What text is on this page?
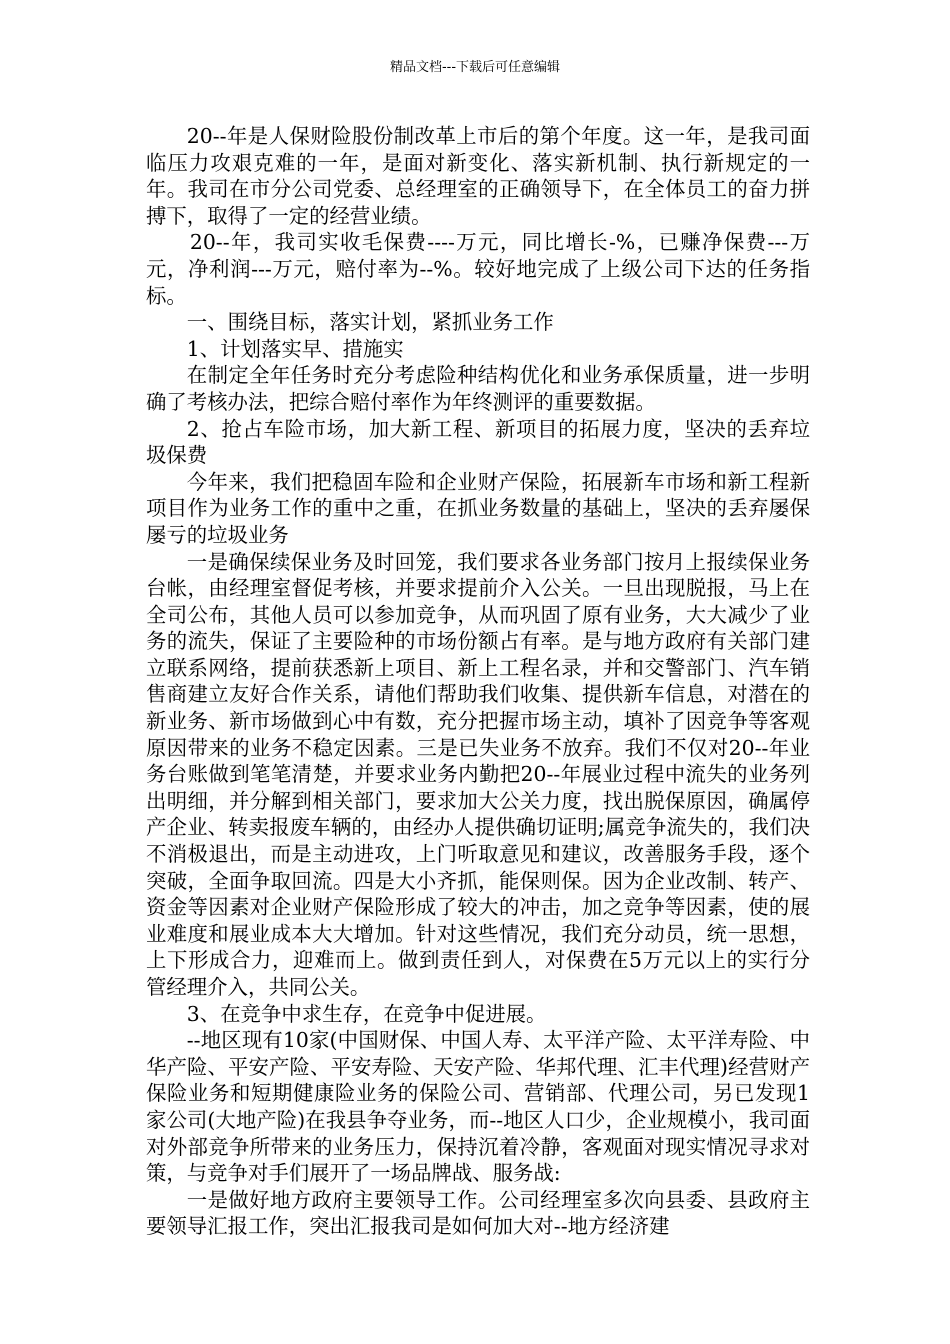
精品文档---下载后可任意编辑

20--年是人保财险股份制改革上市后的第个年度。这一年，是我司面临压力攻艰克难的一年，是面对新变化、落实新机制、执行新规定的一年。我司在市分公司党委、总经理室的正确领导下，在全体员工的奋力拼搏下，取得了一定的经营业绩。

20--年，我司实收毛保费----万元，同比增长-%，已赚净保费---万元，净利润---万元，赔付率为--%。较好地完成了上级公司下达的任务指标。

一、围绕目标，落实计划，紧抓业务工作

1、计划落实早、措施实

在制定全年任务时充分考虑险种结构优化和业务承保质量，进一步明确了考核办法，把综合赔付率作为年终测评的重要数据。

2、抢占车险市场，加大新工程、新项目的拓展力度，坚决的丢弃垃圾保费

今年来，我们把稳固车险和企业财产保险，拓展新车市场和新工程新项目作为业务工作的重中之重，在抓业务数量的基础上，坚决的丢弃屡保屡亏的垃圾业务

一是确保续保业务及时回笼，我们要求各业务部门按月上报续保业务台帐，由经理室督促考核，并要求提前介入公关。一旦出现脱报，马上在全司公布，其他人员可以参加竞争，从而巩固了原有业务，大大减少了业务的流失，保证了主要险种的市场份额占有率。是与地方政府有关部门建立联系网络，提前获悉新上项目、新上工程名录，并和交警部门、汽车销售商建立友好合作关系，请他们帮助我们收集、提供新车信息，对潜在的新业务、新市场做到心中有数，充分把握市场主动，填补了因竞争等客观原因带来的业务不稳定因素。三是已失业务不放弃。我们不仅对20--年业务台账做到笔笔清楚，并要求业务内勤把20--年展业过程中流失的业务列出明细，并分解到相关部门，要求加大公关力度，找出脱保原因，确属停产企业、转卖报废车辆的，由经办人提供确切证明;属竞争流失的，我们决不消极退出，而是主动进攻，上门听取意见和建议，改善服务手段，逐个突破，全面争取回流。四是大小齐抓，能保则保。因为企业改制、转产、资金等因素对企业财产保险形成了较大的冲击，加之竞争等因素，使的展业难度和展业成本大大增加。针对这些情况，我们充分动员，统一思想，上下形成合力，迎难而上。做到责任到人，对保费在5万元以上的实行分管经理介入，共同公关。

3、在竞争中求生存，在竞争中促进展。

--地区现有10家(中国财保、中国人寿、太平洋产险、太平洋寿险、中华产险、平安产险、平安寿险、天安产险、华邦代理、汇丰代理)经营财产保险业务和短期健康险业务的保险公司、营销部、代理公司，另已发现1家公司(大地产险)在我县争夺业务，而--地区人口少，企业规模小，我司面对外部竞争所带来的业务压力，保持沉着冷静，客观面对现实情况寻求对策，与竞争对手们展开了一场品牌战、服务战:

一是做好地方政府主要领导工作。公司经理室多次向县委、县政府主要领导汇报工作，突出汇报我司是如何加大对--地方经济建
